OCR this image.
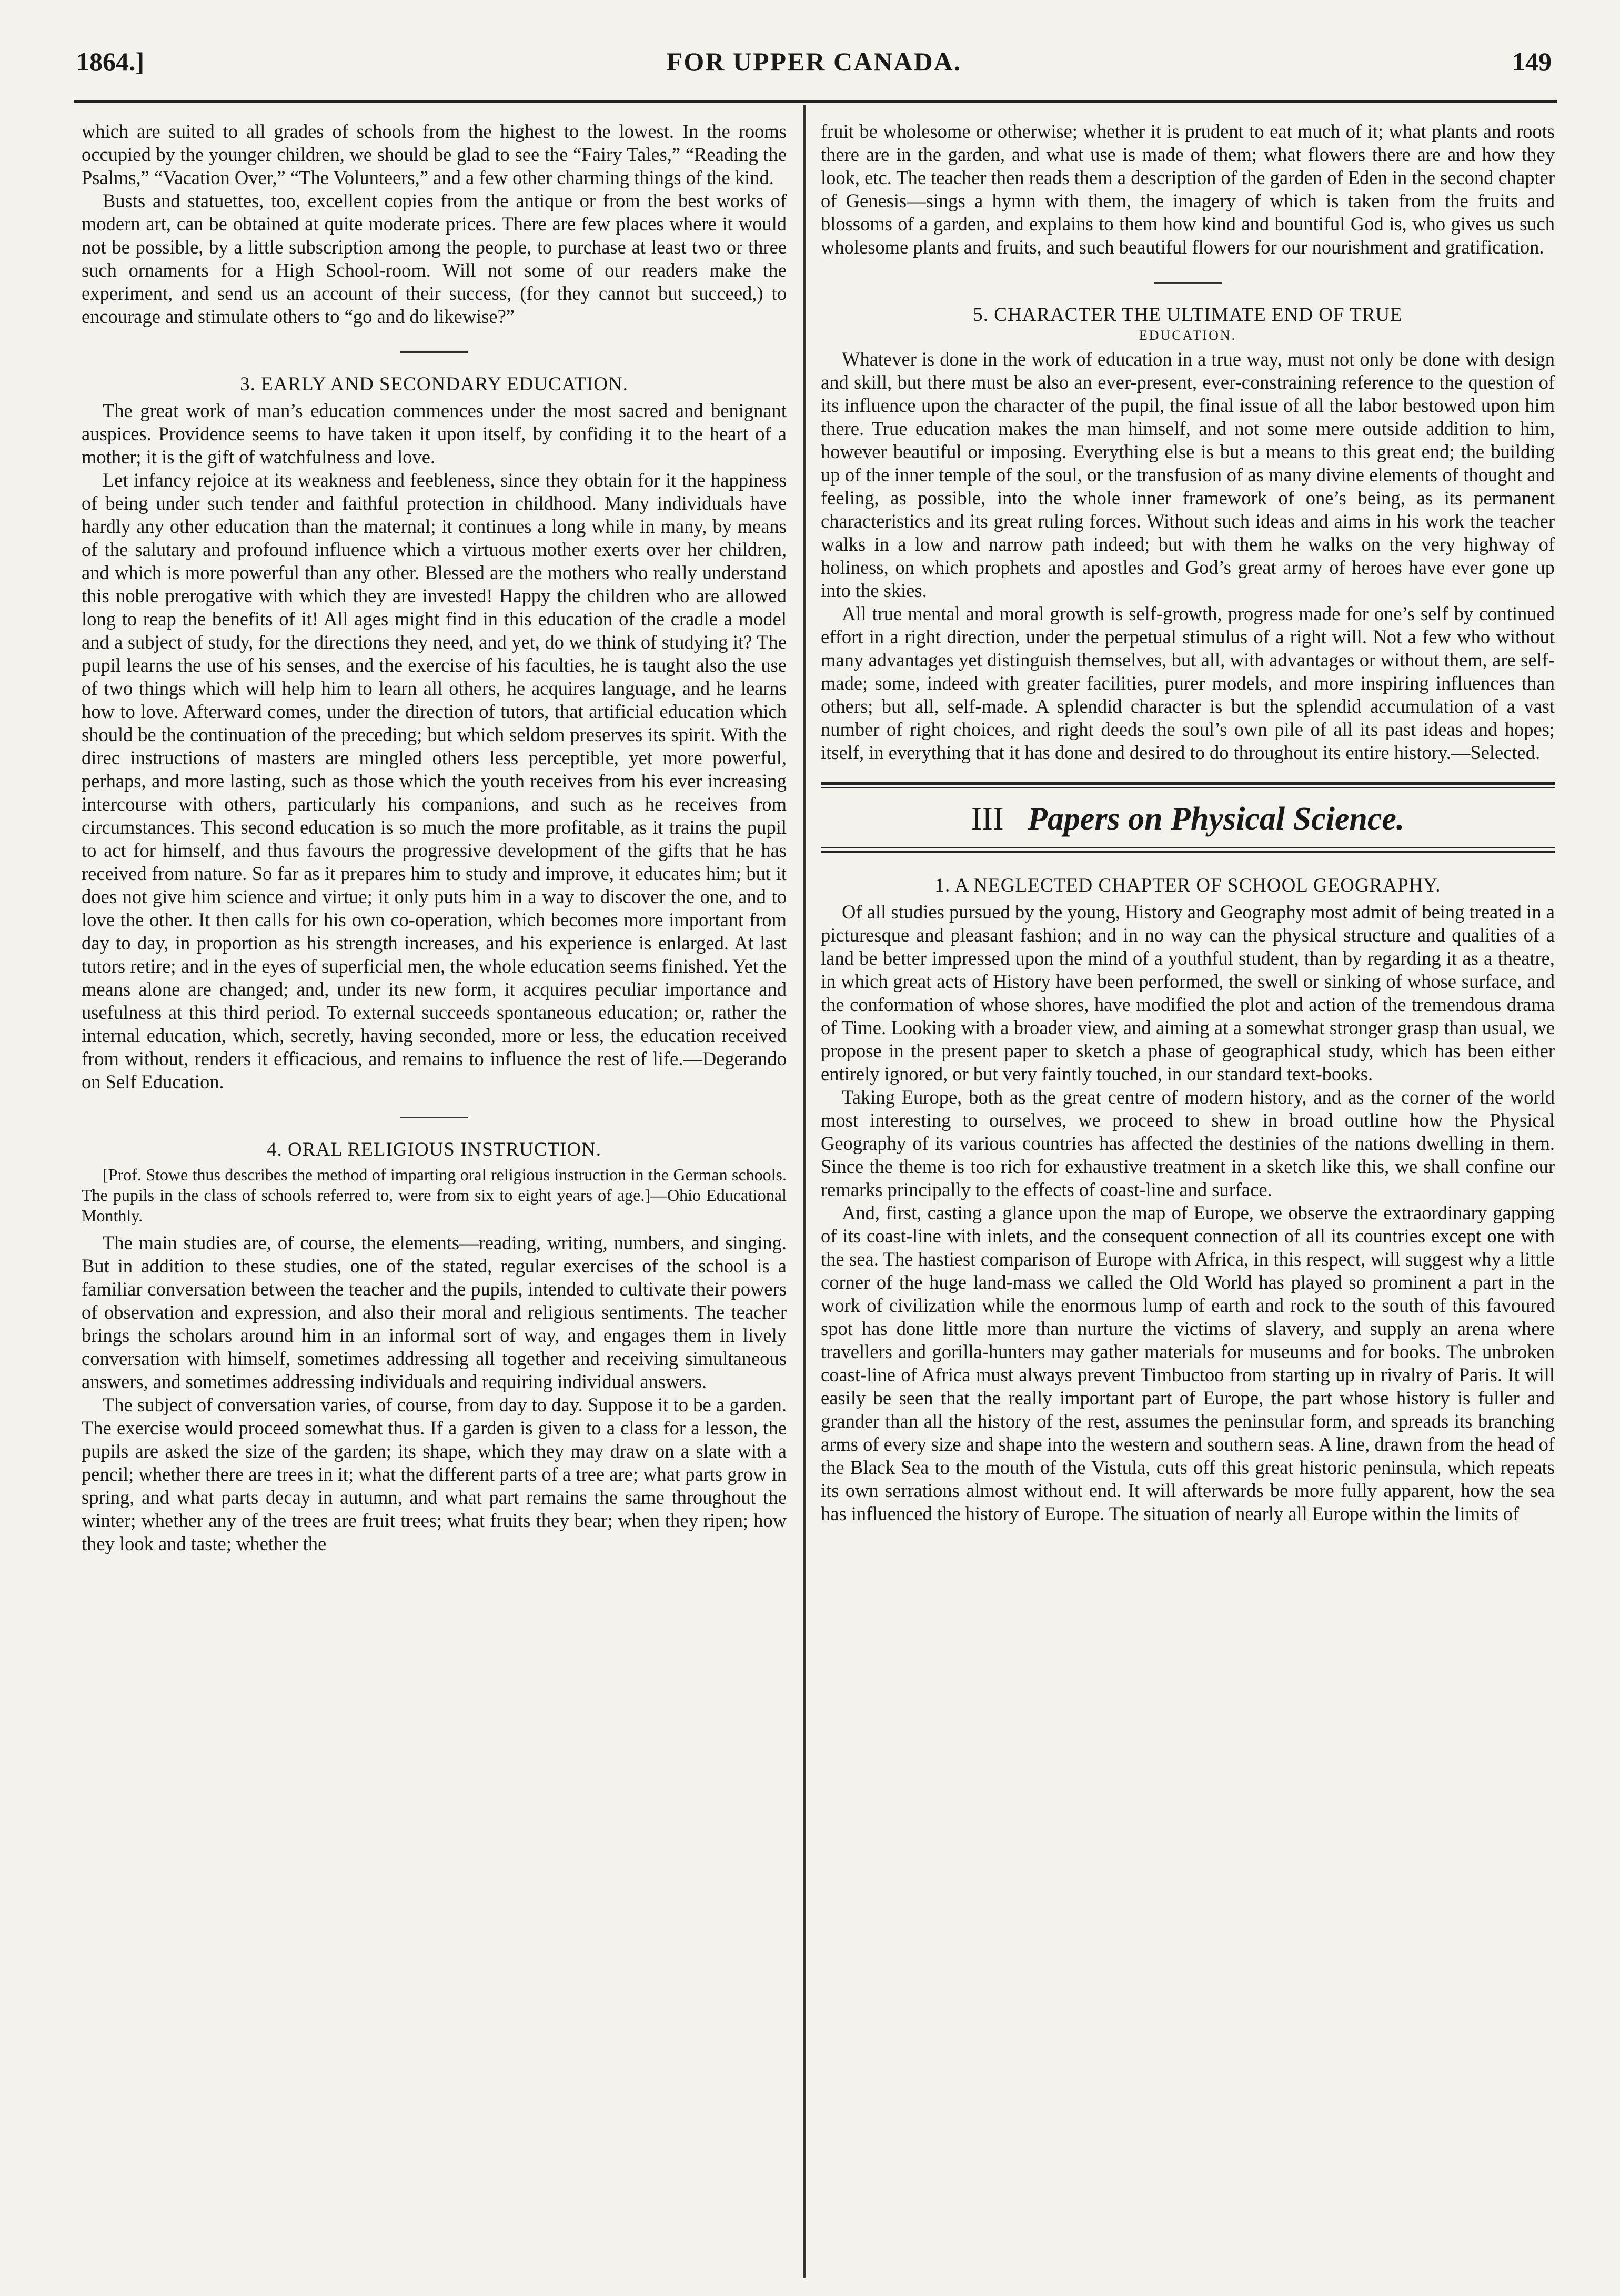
1864.]	FOR UPPER CANADA.	149

which are suited to all grades of schools from the highest to the lowest. In the rooms occupied by the younger children, we should be glad to see the “Fairy Tales,” “Reading the Psalms,” “Vacation Over,” “The Volunteers,” and a few other charming things of the kind.

Busts and statuettes, too, excellent copies from the antique or from the best works of modern art, can be obtained at quite moderate prices. There are few places where it would not be possible, by a little subscription among the people, to purchase at least two or three such ornaments for a High School-room. Will not some of our readers make the experiment, and send us an account of their success, (for they cannot but succeed,) to encourage and stimulate others to “go and do likewise?”

3. EARLY AND SECONDARY EDUCATION.

The great work of man’s education commences under the most sacred and benignant auspices. Providence seems to have taken it upon itself, by confiding it to the heart of a mother; it is the gift of watchfulness and love.

Let infancy rejoice at its weakness and feebleness, since they obtain for it the happiness of being under such tender and faithful protection in childhood. Many individuals have hardly any other education than the maternal; it continues a long while in many, by means of the salutary and profound influence which a virtuous mother exerts over her children, and which is more powerful than any other. Blessed are the mothers who really understand this noble prerogative with which they are invested! Happy the children who are allowed long to reap the benefits of it! All ages might find in this education of the cradle a model and a subject of study, for the directions they need, and yet, do we think of studying it? The pupil learns the use of his senses, and the exercise of his faculties, he is taught also the use of two things which will help him to learn all others, he acquires language, and he learns how to love. Afterward comes, under the direction of tutors, that artificial education which should be the continuation of the preceding; but which seldom preserves its spirit. With the direc instructions of masters are mingled others less perceptible, yet more powerful, perhaps, and more lasting, such as those which the youth receives from his ever increasing intercourse with others, particularly his companions, and such as he receives from circumstances. This second education is so much the more profitable, as it trains the pupil to act for himself, and thus favours the progressive development of the gifts that he has received from nature. So far as it prepares him to study and improve, it educates him; but it does not give him science and virtue; it only puts him in a way to discover the one, and to love the other. It then calls for his own co-operation, which becomes more important from day to day, in proportion as his strength increases, and his experience is enlarged. At last tutors retire; and in the eyes of superficial men, the whole education seems finished. Yet the means alone are changed; and, under its new form, it acquires peculiar importance and usefulness at this third period. To external succeeds spontaneous education; or, rather the internal education, which, secretly, having seconded, more or less, the education received from without, renders it efficacious, and remains to influence the rest of life.—Degerando on Self Education.

4. ORAL RELIGIOUS INSTRUCTION.

[Prof. Stowe thus describes the method of imparting oral religious instruction in the German schools. The pupils in the class of schools referred to, were from six to eight years of age.]—Ohio Educational Monthly.

The main studies are, of course, the elements—reading, writing, numbers, and singing. But in addition to these studies, one of the stated, regular exercises of the school is a familiar conversation between the teacher and the pupils, intended to cultivate their powers of observation and expression, and also their moral and religious sentiments. The teacher brings the scholars around him in an informal sort of way, and engages them in lively conversation with himself, sometimes addressing all together and receiving simultaneous answers, and sometimes addressing individuals and requiring individual answers.

The subject of conversation varies, of course, from day to day. Suppose it to be a garden. The exercise would proceed somewhat thus. If a garden is given to a class for a lesson, the pupils are asked the size of the garden; its shape, which they may draw on a slate with a pencil; whether there are trees in it; what the different parts of a tree are; what parts grow in spring, and what parts decay in autumn, and what part remains the same throughout the winter; whether any of the trees are fruit trees; what fruits they bear; when they ripen; how they look and taste; whether the

fruit be wholesome or otherwise; whether it is prudent to eat much of it; what plants and roots there are in the garden, and what use is made of them; what flowers there are and how they look, etc. The teacher then reads them a description of the garden of Eden in the second chapter of Genesis—sings a hymn with them, the imagery of which is taken from the fruits and blossoms of a garden, and explains to them how kind and bountiful God is, who gives us such wholesome plants and fruits, and such beautiful flowers for our nourishment and gratification.

5. CHARACTER THE ULTIMATE END OF TRUE
EDUCATION.

Whatever is done in the work of education in a true way, must not only be done with design and skill, but there must be also an ever-present, ever-constraining reference to the question of its influence upon the character of the pupil, the final issue of all the labor bestowed upon him there. True education makes the man himself, and not some mere outside addition to him, however beautiful or imposing. Everything else is but a means to this great end; the building up of the inner temple of the soul, or the transfusion of as many divine elements of thought and feeling, as possible, into the whole inner framework of one’s being, as its permanent characteristics and its great ruling forces. Without such ideas and aims in his work the teacher walks in a low and narrow path indeed; but with them he walks on the very highway of holiness, on which prophets and apostles and God’s great army of heroes have ever gone up into the skies.

All true mental and moral growth is self-growth, progress made for one’s self by continued effort in a right direction, under the perpetual stimulus of a right will. Not a few who without many advantages yet distinguish themselves, but all, with advantages or without them, are self-made; some, indeed with greater facilities, purer models, and more inspiring influences than others; but all, self-made. A splendid character is but the splendid accumulation of a vast number of right choices, and right deeds the soul’s own pile of all its past ideas and hopes; itself, in everything that it has done and desired to do throughout its entire history.—Selected.

III Papers on Physical Science.
1. A NEGLECTED CHAPTER OF SCHOOL GEOGRAPHY.

Of all studies pursued by the young, History and Geography most admit of being treated in a picturesque and pleasant fashion; and in no way can the physical structure and qualities of a land be better impressed upon the mind of a youthful student, than by regarding it as a theatre, in which great acts of History have been performed, the swell or sinking of whose surface, and the conformation of whose shores, have modified the plot and action of the tremendous drama of Time. Looking with a broader view, and aiming at a somewhat stronger grasp than usual, we propose in the present paper to sketch a phase of geographical study, which has been either entirely ignored, or but very faintly touched, in our standard text-books.

Taking Europe, both as the great centre of modern history, and as the corner of the world most interesting to ourselves, we proceed to shew in broad outline how the Physical Geography of its various countries has affected the destinies of the nations dwelling in them. Since the theme is too rich for exhaustive treatment in a sketch like this, we shall confine our remarks principally to the effects of coast-line and surface.

And, first, casting a glance upon the map of Europe, we observe the extraordinary gapping of its coast-line with inlets, and the consequent connection of all its countries except one with the sea. The hastiest comparison of Europe with Africa, in this respect, will suggest why a little corner of the huge land-mass we called the Old World has played so prominent a part in the work of civilization while the enormous lump of earth and rock to the south of this favoured spot has done little more than nurture the victims of slavery, and supply an arena where travellers and gorilla-hunters may gather materials for museums and for books. The unbroken coast-line of Africa must always prevent Timbuctoo from starting up in rivalry of Paris. It will easily be seen that the really important part of Europe, the part whose history is fuller and grander than all the history of the rest, assumes the peninsular form, and spreads its branching arms of every size and shape into the western and southern seas. A line, drawn from the head of the Black Sea to the mouth of the Vistula, cuts off this great historic peninsula, which repeats its own serrations almost without end. It will afterwards be more fully apparent, how the sea has influenced the history of Europe. The situation of nearly all Europe within the limits of
